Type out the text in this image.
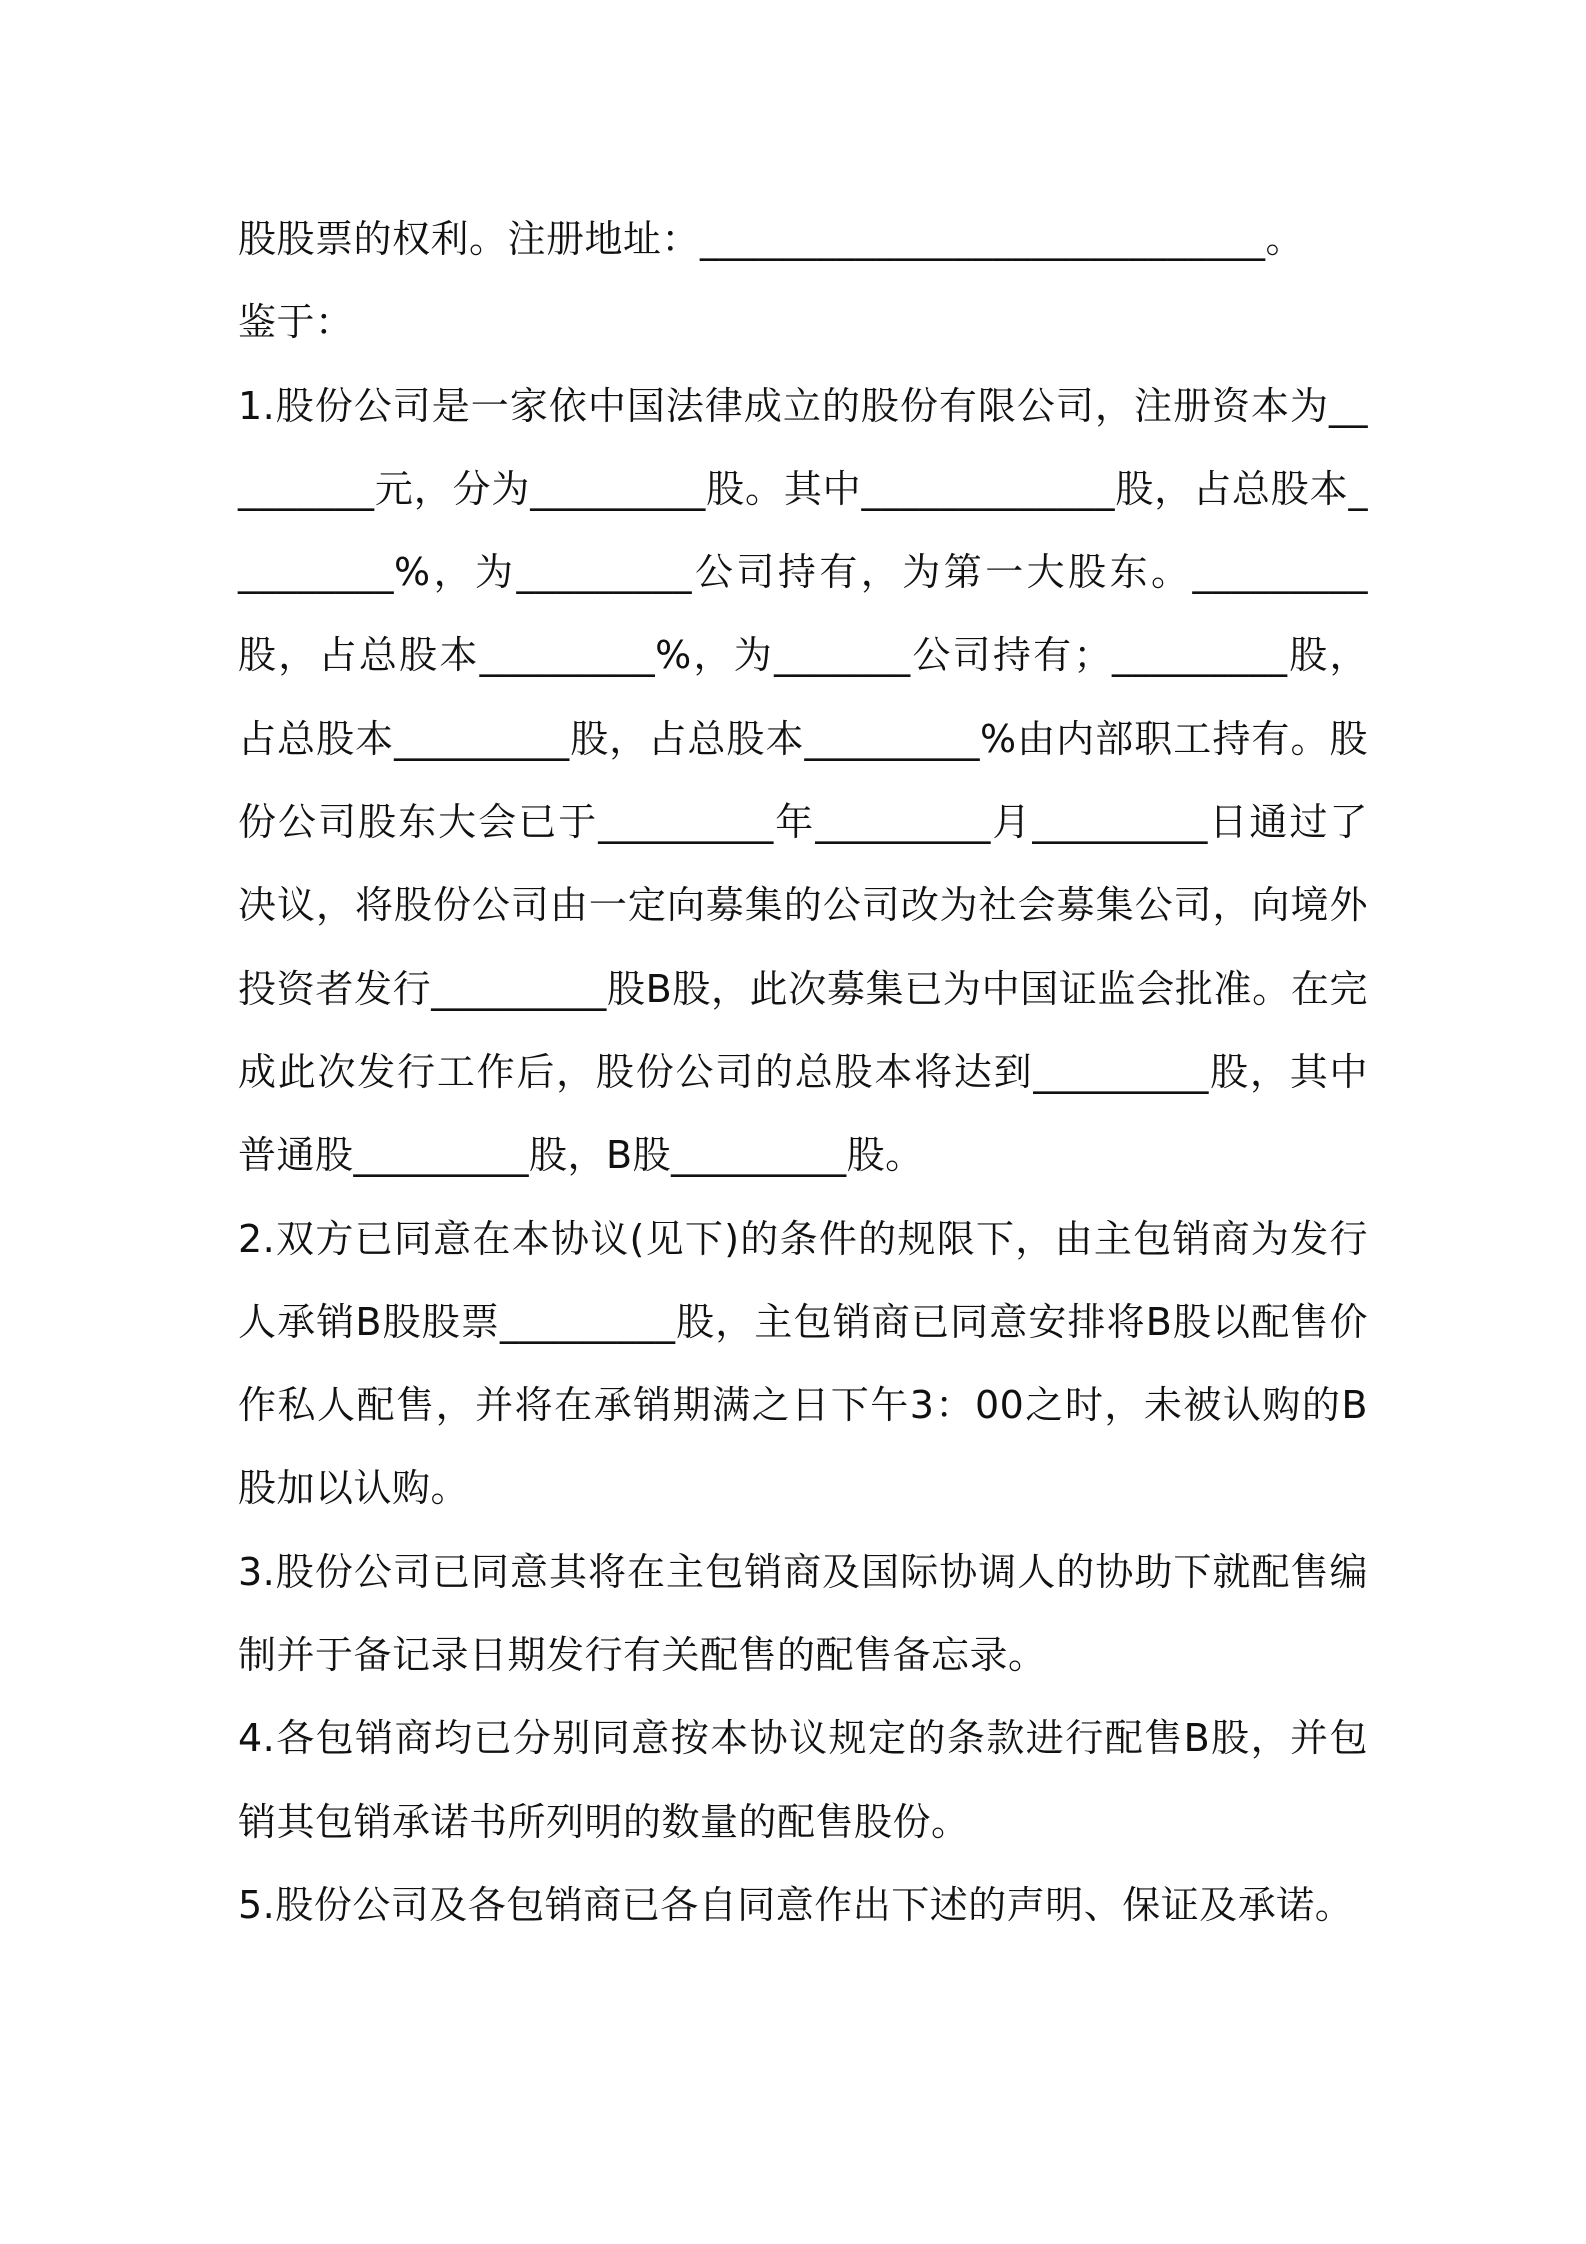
股股票的权利。注册地址：_____________________________。

鉴于：

1.股份公司是一家依中国法律成立的股份有限公司，注册资本为_________元，分为_________股。其中_____________股，占总股本_________%，为_________公司持有，为第一大股东。_________股，占总股本_________%，为_______公司持有；_________股，占总股本_________股，占总股本_________%由内部职工持有。股份公司股东大会已于_________年_________月_________日通过了决议，将股份公司由一定向募集的公司改为社会募集公司，向境外投资者发行_________股B股，此次募集已为中国证监会批准。在完成此次发行工作后，股份公司的总股本将达到_________股，其中普通股_________股，B股_________股。

2.双方已同意在本协议(见下)的条件的规限下，由主包销商为发行人承销B股股票_________股，主包销商已同意安排将B股以配售价作私人配售，并将在承销期满之日下午3：00之时，未被认购的B股加以认购。

3.股份公司已同意其将在主包销商及国际协调人的协助下就配售编制并于备记录日期发行有关配售的配售备忘录。

4.各包销商均已分别同意按本协议规定的条款进行配售B股，并包销其包销承诺书所列明的数量的配售股份。

5.股份公司及各包销商已各自同意作出下述的声明、保证及承诺。
